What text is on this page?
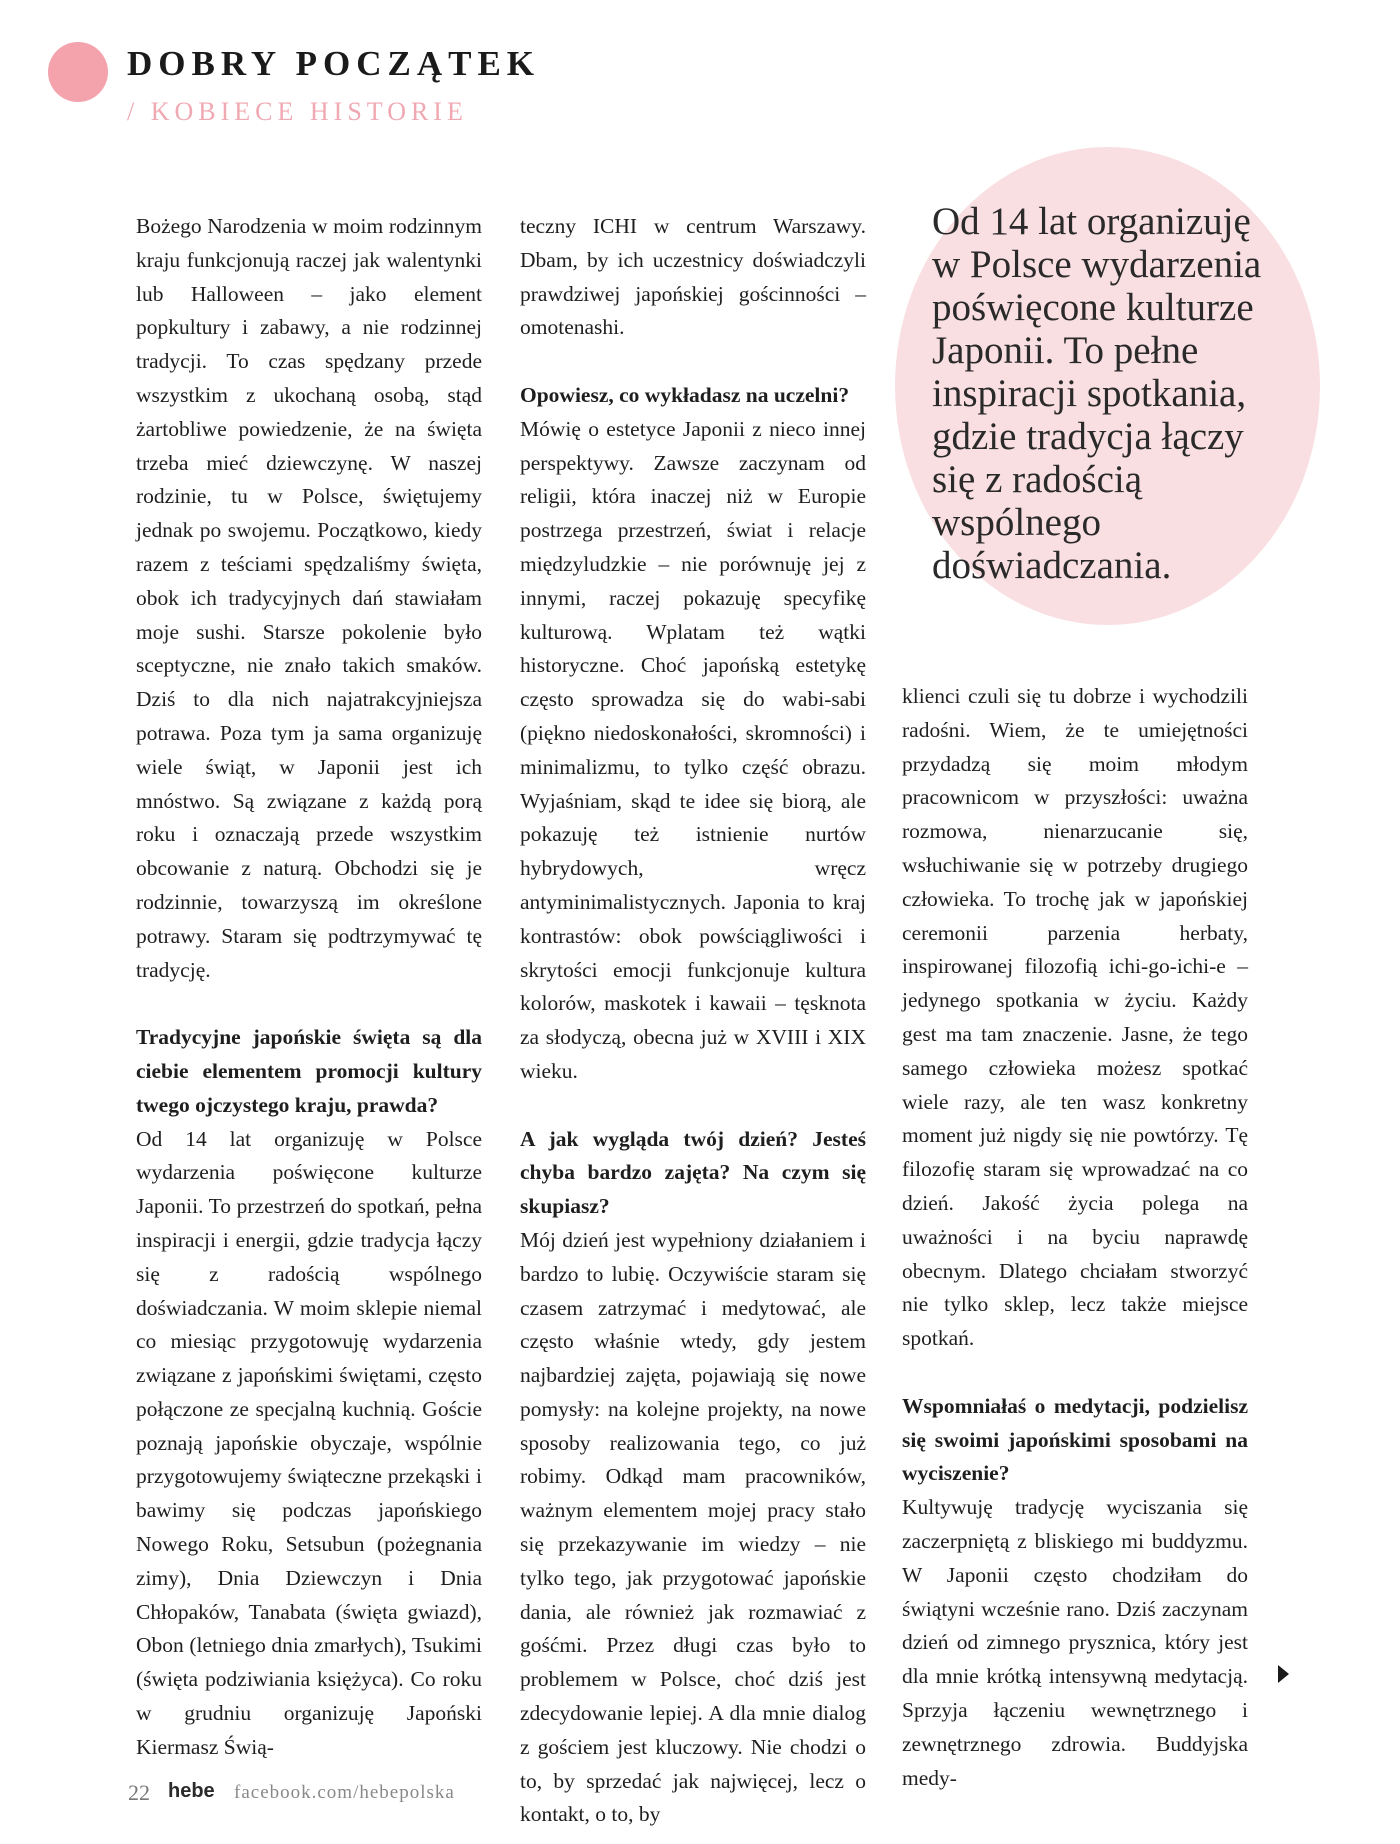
DOBRY POCZĄTEK
/ KOBIECE HISTORIE

Bożego Narodzenia w moim rodzinnym kraju funkcjonują raczej jak walentynki lub Halloween – jako element popkultury i zabawy, a nie rodzinnej tradycji. To czas spędzany przede wszystkim z ukochaną osobą, stąd żartobliwe powiedzenie, że na święta trzeba mieć dziewczynę. W naszej rodzinie, tu w Polsce, świętujemy jednak po swojemu. Początkowo, kiedy razem z teściami spędzaliśmy święta, obok ich tradycyjnych dań stawiałam moje sushi. Starsze pokolenie było sceptyczne, nie znało takich smaków. Dziś to dla nich najatrakcyjniejsza potrawa. Poza tym ja sama organizuję wiele świąt, w Japonii jest ich mnóstwo. Są związane z każdą porą roku i oznaczają przede wszystkim obcowanie z naturą. Obchodzi się je rodzinnie, towarzyszą im określone potrawy. Staram się podtrzymywać tę tradycję.

Tradycyjne japońskie święta są dla ciebie elementem promocji kultury twego ojczystego kraju, prawda?

Od 14 lat organizuję w Polsce wydarzenia poświęcone kulturze Japonii. To przestrzeń do spotkań, pełna inspiracji i energii, gdzie tradycja łączy się z radością wspólnego doświadczania. W moim sklepie niemal co miesiąc przygotowuję wydarzenia związane z japońskimi świętami, często połączone ze specjalną kuchnią. Goście poznają japońskie obyczaje, wspólnie przygotowujemy świąteczne przekąski i bawimy się podczas japońskiego Nowego Roku, Setsubun (pożegnania zimy), Dnia Dziewczyn i Dnia Chłopaków, Tanabata (święta gwiazd), Obon (letniego dnia zmarłych), Tsukimi (święta podziwiania księżyca). Co roku w grudniu organizuję Japoński Kiermasz Świą-

teczny ICHI w centrum Warszawy. Dbam, by ich uczestnicy doświadczyli prawdziwej japońskiej gościnności – omotenashi.

Opowiesz, co wykładasz na uczelni?

Mówię o estetyce Japonii z nieco innej perspektywy. Zawsze zaczynam od religii, która inaczej niż w Europie postrzega przestrzeń, świat i relacje międzyludzkie – nie porównuję jej z innymi, raczej pokazuję specyfikę kulturową. Wplatam też wątki historyczne. Choć japońską estetykę często sprowadza się do wabi-sabi (piękno niedoskonałości, skromności) i minimalizmu, to tylko część obrazu. Wyjaśniam, skąd te idee się biorą, ale pokazuję też istnienie nurtów hybrydowych, wręcz antyminimalistycznych. Japonia to kraj kontrastów: obok powściągliwości i skrytości emocji funkcjonuje kultura kolorów, maskotek i kawaii – tęsknota za słodyczą, obecna już w XVIII i XIX wieku.

A jak wygląda twój dzień? Jesteś chyba bardzo zajęta? Na czym się skupiasz?

Mój dzień jest wypełniony działaniem i bardzo to lubię. Oczywiście staram się czasem zatrzymać i medytować, ale często właśnie wtedy, gdy jestem najbardziej zajęta, pojawiają się nowe pomysły: na kolejne projekty, na nowe sposoby realizowania tego, co już robimy. Odkąd mam pracowników, ważnym elementem mojej pracy stało się przekazywanie im wiedzy – nie tylko tego, jak przygotować japońskie dania, ale również jak rozmawiać z gośćmi. Przez długi czas było to problemem w Polsce, choć dziś jest zdecydowanie lepiej. A dla mnie dialog z gościem jest kluczowy. Nie chodzi o to, by sprzedać jak najwięcej, lecz o kontakt, o to, by

Od 14 lat organizuję w Polsce wydarzenia poświęcone kulturze Japonii. To pełne inspiracji spotkania, gdzie tradycja łączy się z radością wspólnego doświadczania.

klienci czuli się tu dobrze i wychodzili radośni. Wiem, że te umiejętności przydadzą się moim młodym pracownicom w przyszłości: uważna rozmowa, nienarzucanie się, wsłuchiwanie się w potrzeby drugiego człowieka. To trochę jak w japońskiej ceremonii parzenia herbaty, inspirowanej filozofią ichi-go-ichi-e – jedynego spotkania w życiu. Każdy gest ma tam znaczenie. Jasne, że tego samego człowieka możesz spotkać wiele razy, ale ten wasz konkretny moment już nigdy się nie powtórzy. Tę filozofię staram się wprowadzać na co dzień. Jakość życia polega na uważności i na byciu naprawdę obecnym. Dlatego chciałam stworzyć nie tylko sklep, lecz także miejsce spotkań.

Wspomniałaś o medytacji, podzielisz się swoimi japońskimi sposobami na wyciszenie?

Kultywuję tradycję wyciszania się zaczerpniętą z bliskiego mi buddyzmu. W Japonii często chodziłam do świątyni wcześnie rano. Dziś zaczynam dzień od zimnego prysznica, który jest dla mnie krótką intensywną medytacją. Sprzyja łączeniu wewnętrznego i zewnętrznego zdrowia. Buddyjska medy-

22 hebe facebook.com/hebepolska
